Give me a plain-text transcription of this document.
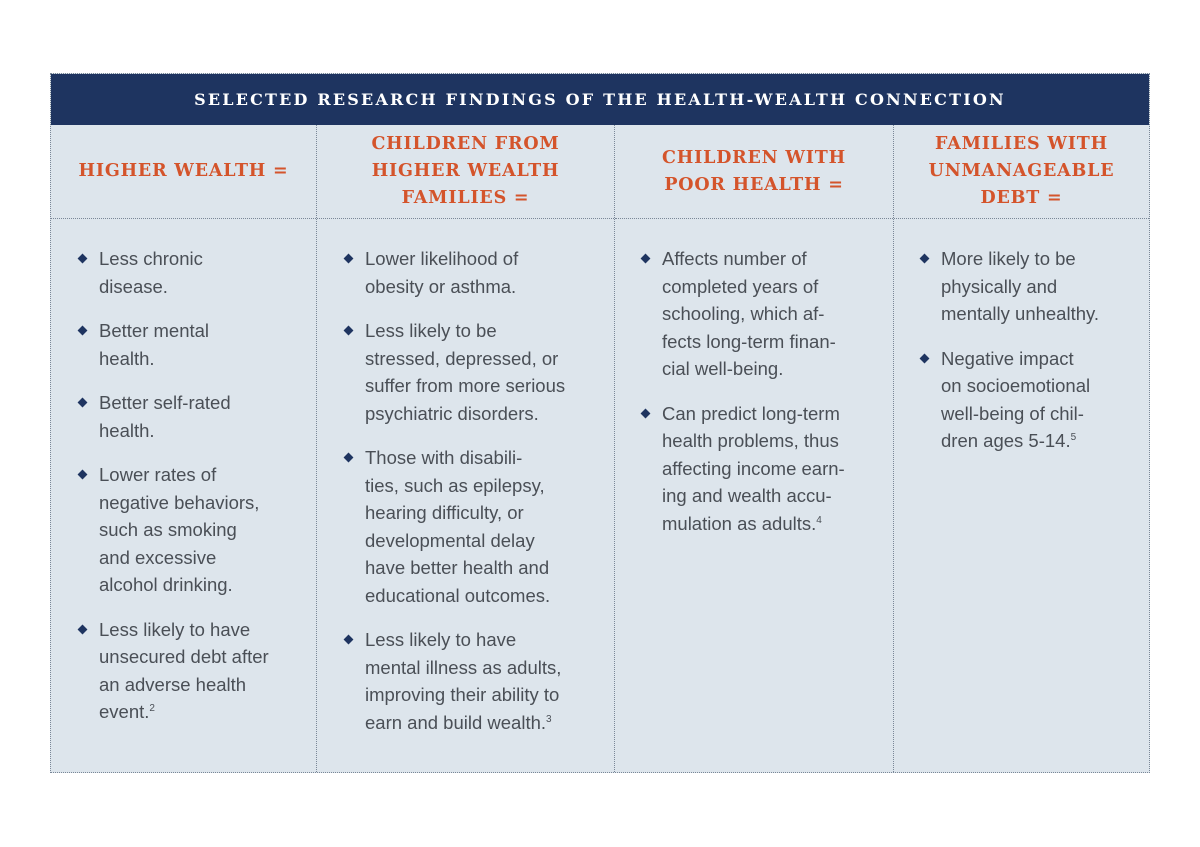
SELECTED RESEARCH FINDINGS OF THE HEALTH-WEALTH CONNECTION
HIGHER WEALTH =
Less chronic
disease.
Better mental
health.
Better self-rated
health.
Lower rates of
negative behaviors,
such as smoking
and excessive
alcohol drinking.
Less likely to have
unsecured debt after
an adverse health
event.$^2$
CHILDREN FROM HIGHER WEALTH FAMILIES =
Lower likelihood of
obesity or asthma.
Less likely to be
stressed, depressed, or
suffer from more serious
psychiatric disorders.
Those with disabili-
ties, such as epilepsy,
hearing difficulty, or
developmental delay
have better health and
educational outcomes.
Less likely to have
mental illness as adults,
improving their ability to
earn and build wealth.$^3$
CHILDREN WITH POOR HEALTH =
Affects number of
completed years of
schooling, which af-
fects long-term finan-
cial well-being.
Can predict long-term
health problems, thus
affecting income earn-
ing and wealth accu-
mulation as adults.$^4$
FAMILIES WITH UNMANAGEABLE DEBT =
More likely to be
physically and
mentally unhealthy.
Negative impact
on socioemotional
well-being of chil-
dren ages 5-14.$^5$
